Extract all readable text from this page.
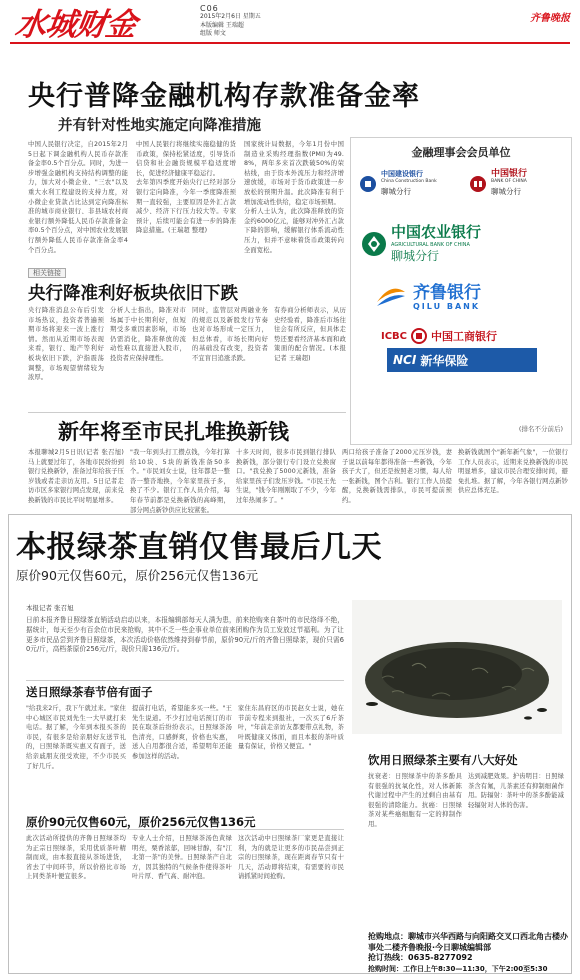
水城财金	C06
2015年2月6日 星期五
本版编辑 王瑞超
组版 师文
齐鲁晚报
央行普降金融机构存款准备金率
并有针对性地实施定向降准措施
中国人民银行决定，自2015年2月5日起下调金融机构人民币存款准备金率0.5个百分点。同时，为进一步增强金融机构支持结构调整的能力，加大对小微企业、"三农"以及重大水利工程建设的支持力度，对小微企业贷款占比达到定向降准标准的城市商业银行、非县域农村商业银行额外降低人民币存款准备金率0.5个百分点，对中国农业发展银行额外降低人民币存款准备金率4个百分点。
中国人民银行将继续实施稳健的货币政策，保持松紧适度，引导货币信贷和社会融资规模平稳适度增长，促进经济健康平稳运行。
去年第四季度开始央行已经对部分银行定向降准，今年一季度降准预期一直较强，主要原因是外汇占款减少、经济下行压力较大等。专家预计，后续可能会有进一步的降准降息措施。(王瑞超 整理)
国家统计局数据，今年1月份中国制造业采购经理指数(PMI)为49.8%，两年多来首次跌破50%的荣枯线，由于资本外流压力和经济增速放缓，市场对于货币政策进一步放松的预期升温。此次降准有利于增加流动性供给，稳定市场预期。
分析人士认为，此次降准释放的资金约6000亿元，能够对冲外汇占款下降的影响，缓解银行体系流动性压力，但并不意味着货币政策转向全面宽松。
金融理事会会员单位
中国建设银行
China Construction Bank
聊城分行
中国银行
BANK OF CHINA
聊城分行
中国农业银行
AGRICULTURAL BANK OF CHINA
聊城分行
齐鲁银行
QILU BANK
ICBC 中国工商银行
NCI 新华保险
(排名不分前后)
相关链接
央行降准利好板块依旧下跌
央行降准消息公布后引发市场热议，投资者普遍预期市场将迎来一波上涨行情。然而从近期市场表现来看，银行、地产等利好板块依旧下跌，沪指震荡调整，市场观望情绪较为浓厚。
分析人士指出，降准对市场属于中长期利好，但短期受多重因素影响，市场仍需消化，降准释放的流动性难以直接进入股市，投资者应保持理性。
同时，监管层对两融业务的规范以及新股发行节奏也对市场形成一定压力，但总体看，市场长期向好的基础没有改变，投资者不宜盲目追涨杀跌。
有券商分析师表示，从历史经验看，降准后市场往往会有所反应，但具体走势还要看经济基本面和政策面的配合情况。(本报记者 王瑞超)
新年将至市民扎堆换新钱
本报聊城2月5日讯(记者 张召旭)马上就要过年了，各地市民纷纷到银行兑换新钞，准备过年给孩子压岁钱或者走亲访友用。5日记者走访市区多家银行网点发现，前来兑换新钱的市民比平时明显增多。
"我一年到头打工攒点钱，今年打算给10块、5块的新钱准备50多个。"市民刘女士说，往年都是一整沓一整沓地换，今年家里孩子多，换了不少。银行工作人员介绍，每年春节前都是兑换新钱的高峰期，部分网点新钞供应比较紧张。
十多天时间，很多市民到银行排队换新钱，部分银行专门设立兑换窗口。"我兑换了5000元新钱，准备给家里孩子们发压岁钱。"市民王先生说，"钱今年刚刚取了不少，今年过年热闹多了。"
两口给孩子准备了2000元压岁钱，妻子说以前每年都得准备一些新钱，今年孩子大了，但还是按照老习惯，每人给一张新钱，图个吉利。银行工作人员提醒，兑换新钱需排队，市民可提前预约。
换新钱就图个"新年新气象"，一位银行工作人员表示，近期来兑换新钱的市民明显增多，建议市民合理安排时间，避免扎堆。据了解，今年各银行网点新钞供应总体充足。
本报绿茶直销仅售最后几天
原价90元仅售60元，原价256元仅售136元
本报记者 张召旭
日前本报齐鲁日照绿茶直销活动启动以来，本报编辑部每天人满为患，前来抢购来自茶叶的市民络绎不绝，据统计，每天至少有百余位市民来抢购，其中不乏一些企事业单位前来团购作为员工发放过节福利。为了让更多市民品尝到齐鲁日照绿茶，本次活动价格依然维持到春节前，原价90元/斤的齐鲁日照绿茶，现价只需60元/斤，高档茶原价256元/斤，现价只需136元/斤。
送日照绿茶春节倍有面子
"给我来2斤，我下午就过来。"家住中心城区市民刘先生一大早就打来电话。据了解，今年到本报买茶的市民，有很多是给亲朋好友送节礼的，日照绿茶既实惠又有面子，送给亲戚朋友很受欢迎，不少市民买了好几斤。
提前打电话，希望能多买一些。"王先生说道。不少打过电话预订的市民在取茶后纷纷表示，日照绿茶汤色清亮，口感鲜爽，价格也实惠，送人自用都很合适，希望明年还能参加这样的活动。
家住东昌府区的市民赵女士说，她在节前专程来到报社，一次买了6斤茶叶，"年前走亲访友都要带点礼物，茶叶既健康又体面，而且本报的茶叶质量有保证，价格又便宜。"
原价90元仅售60元，原价256元仅售136元
此次活动所提供的齐鲁日照绿茶均为正宗日照绿茶，采用优质茶叶精制而成，由本报直接从茶场进货，省去了中间环节，所以价格比市场上同类茶叶便宜很多。
专业人士介绍，日照绿茶汤色黄绿明亮，栗香浓郁，回味甘醇，有"江北第一茶"的美誉。日照绿茶产自北方，因其独特的气候条件使得茶叶叶片厚、香气高、耐冲泡。
这次活动中日照绿茶厂家更是直接让利，为的就是让更多的市民品尝到正宗的日照绿茶，现在距离春节只有十几天，活动即将结束，有需要的市民请抓紧时间抢购。
饮用日照绿茶主要有八大好处
抗衰老：日照绿茶中的茶多酚具有很强的抗氧化性，对人体新陈代谢过程中产生的过剩自由基有很强的清除能力。抗癌：日照绿茶对某些癌细胞有一定的抑制作用。
达到减肥效果。护齿明目：日照绿茶含有氟，儿茶素还有抑制细菌作用。防辐射：茶叶中的茶多酚能减轻辐射对人体的伤害。
抢购地点：聊城市兴华西路与向阳路交叉口西北角古楼办事处二楼齐鲁晚报·今日聊城编辑部
抢订热线：0635-8277092
抢购时间：工作日上午8:30—11:30，下午2:00至5:30
